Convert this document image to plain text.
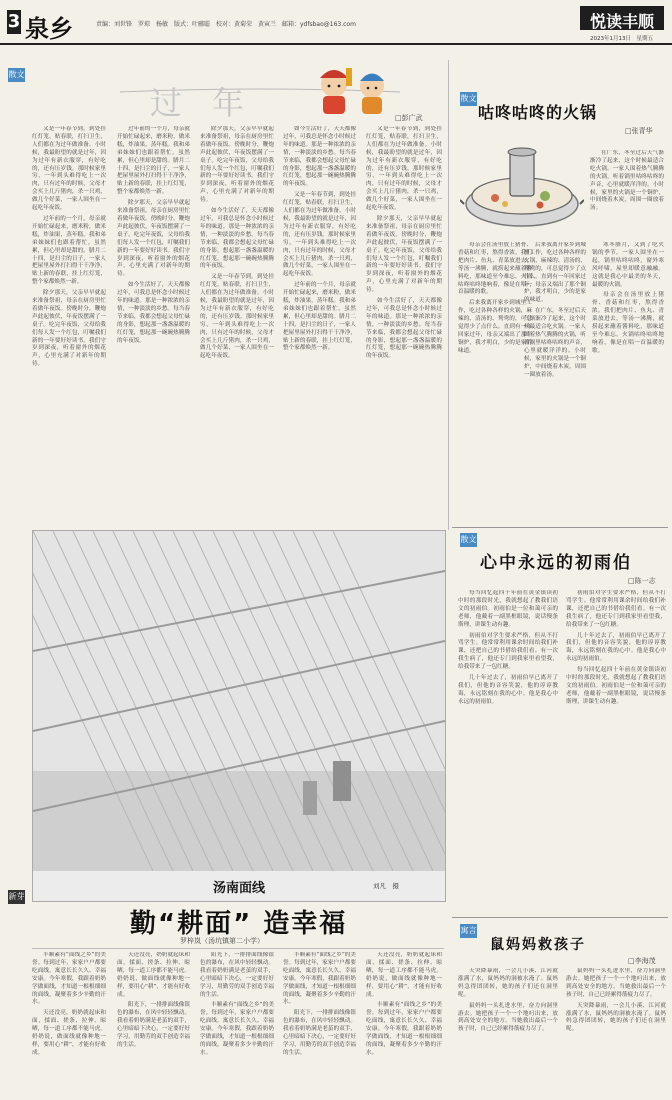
3 泉乡	责编：刘世锋　罗琼　杨敏　版式：叶郦聪　校对：黄菊荣　黄寅兰　邮箱：ydfsbao@163.com	悦读丰顺
2023年1月13日　星期五
散文
过年	□彭广武

又是一年春节到，到处挂红灯笼，贴春联，打扫卫生，人们都在为过年做准备。小时候，我最盼望的就是过年，因为过年有新衣服穿，有好吃的，还有压岁钱。那时候家里穷，一年到头难得吃上一次肉，只有过年的时候，父母才会买上几斤猪肉，杀一只鸡，做几个好菜，一家人围坐在一起吃年夜饭。

过年前的一个月，母亲就开始忙碌起来，磨米粉，做米糕，炸油果，蒸年糕。我和弟弟妹妹们也跟着帮忙，虽然累，但心里却是甜的。腊月二十四，是扫尘的日子，一家人把屋里屋外打扫得干干净净，贴上新的春联，挂上红灯笼，整个家都焕然一新。

除夕那天，父亲早早就起来准备祭祖，母亲在厨房里忙着做年夜饭。傍晚时分，鞭炮声此起彼伏，年夜饭摆满了一桌子。吃完年夜饭，父母给我们每人发一个红包，叮嘱我们新的一年要好好读书。我们守岁到深夜，听着窗外的烟花声，心里充满了对新年的期待。

过年前的一个月，母亲就开始忙碌起来，磨米粉，做米糕，炸油果，蒸年糕。我和弟弟妹妹们也跟着帮忙，虽然累，但心里却是甜的。腊月二十四，是扫尘的日子，一家人把屋里屋外打扫得干干净净，贴上新的春联，挂上红灯笼，整个家都焕然一新。

除夕那天，父亲早早就起来准备祭祖，母亲在厨房里忙着做年夜饭。傍晚时分，鞭炮声此起彼伏，年夜饭摆满了一桌子。吃完年夜饭，父母给我们每人发一个红包，叮嘱我们新的一年要好好读书。我们守岁到深夜，听着窗外的烟花声，心里充满了对新年的期待。

如今生活好了，天天都像过年，可我总是怀念小时候过年的味道。那是一种浓浓的亲情，一种淡淡的乡愁。每当春节来临，我都会想起父母忙碌的身影，想起那一盏盏温暖的红灯笼，想起那一碗碗热腾腾的年夜饭。

除夕那天，父亲早早就起来准备祭祖，母亲在厨房里忙着做年夜饭。傍晚时分，鞭炮声此起彼伏，年夜饭摆满了一桌子。吃完年夜饭，父母给我们每人发一个红包，叮嘱我们新的一年要好好读书。我们守岁到深夜，听着窗外的烟花声，心里充满了对新年的期待。

如今生活好了，天天都像过年，可我总是怀念小时候过年的味道。那是一种浓浓的亲情，一种淡淡的乡愁。每当春节来临，我都会想起父母忙碌的身影，想起那一盏盏温暖的红灯笼，想起那一碗碗热腾腾的年夜饭。

又是一年春节到，到处挂红灯笼，贴春联，打扫卫生，人们都在为过年做准备。小时候，我最盼望的就是过年，因为过年有新衣服穿，有好吃的，还有压岁钱。那时候家里穷，一年到头难得吃上一次肉，只有过年的时候，父母才会买上几斤猪肉，杀一只鸡，做几个好菜，一家人围坐在一起吃年夜饭。

如今生活好了，天天都像过年，可我总是怀念小时候过年的味道。那是一种浓浓的亲情，一种淡淡的乡愁。每当春节来临，我都会想起父母忙碌的身影，想起那一盏盏温暖的红灯笼，想起那一碗碗热腾腾的年夜饭。

又是一年春节到，到处挂红灯笼，贴春联，打扫卫生，人们都在为过年做准备。小时候，我最盼望的就是过年，因为过年有新衣服穿，有好吃的，还有压岁钱。那时候家里穷，一年到头难得吃上一次肉，只有过年的时候，父母才会买上几斤猪肉，杀一只鸡，做几个好菜，一家人围坐在一起吃年夜饭。

过年前的一个月，母亲就开始忙碌起来，磨米粉，做米糕，炸油果，蒸年糕。我和弟弟妹妹们也跟着帮忙，虽然累，但心里却是甜的。腊月二十四，是扫尘的日子，一家人把屋里屋外打扫得干干净净，贴上新的春联，挂上红灯笼，整个家都焕然一新。

又是一年春节到，到处挂红灯笼，贴春联，打扫卫生，人们都在为过年做准备。小时候，我最盼望的就是过年，因为过年有新衣服穿，有好吃的，还有压岁钱。那时候家里穷，一年到头难得吃上一次肉，只有过年的时候，父母才会买上几斤猪肉，杀一只鸡，做几个好菜，一家人围坐在一起吃年夜饭。

除夕那天，父亲早早就起来准备祭祖，母亲在厨房里忙着做年夜饭。傍晚时分，鞭炮声此起彼伏，年夜饭摆满了一桌子。吃完年夜饭，父母给我们每人发一个红包，叮嘱我们新的一年要好好读书。我们守岁到深夜，听着窗外的烟花声，心里充满了对新年的期待。

如今生活好了，天天都像过年，可我总是怀念小时候过年的味道。那是一种浓浓的亲情，一种淡淡的乡愁。每当春节来临，我都会想起父母忙碌的身影，想起那一盏盏温暖的红灯笼，想起那一碗碗热腾腾的年夜饭。

汤南面线	刘凡　摄
新芽
勤“耕面” 造幸福
罗梓岚（汤坑镇第二小学）

丰顺素有“面线之乡”的美誉。每到过年，家家户户都要吃面线，寓意长长久久、幸福安康。今年寒假，我跟着奶奶学做面线，才知道一根根细细的面线，凝聚着多少辛勤的汗水。

天还没亮，奶奶就起床和面，揉面、搓条、拉伸、晾晒，每一道工序都不能马虎。奶奶说，做面线就像种地一样，要用心“耕”，才能有好收成。

天还没亮，奶奶就起床和面，揉面、搓条、拉伸、晾晒，每一道工序都不能马虎。奶奶说，做面线就像种地一样，要用心“耕”，才能有好收成。

阳光下，一排排面线像银色的瀑布，在风中轻轻飘动。我看着奶奶满是老茧的双手，心里暗暗下决心，一定要好好学习，用勤劳的双手创造幸福的生活。

阳光下，一排排面线像银色的瀑布，在风中轻轻飘动。我看着奶奶满是老茧的双手，心里暗暗下决心，一定要好好学习，用勤劳的双手创造幸福的生活。

丰顺素有“面线之乡”的美誉。每到过年，家家户户都要吃面线，寓意长长久久、幸福安康。今年寒假，我跟着奶奶学做面线，才知道一根根细细的面线，凝聚着多少辛勤的汗水。

丰顺素有“面线之乡”的美誉。每到过年，家家户户都要吃面线，寓意长长久久、幸福安康。今年寒假，我跟着奶奶学做面线，才知道一根根细细的面线，凝聚着多少辛勤的汗水。

阳光下，一排排面线像银色的瀑布，在风中轻轻飘动。我看着奶奶满是老茧的双手，心里暗暗下决心，一定要好好学习，用勤劳的双手创造幸福的生活。

天还没亮，奶奶就起床和面，揉面、搓条、拉伸、晾晒，每一道工序都不能马虎。奶奶说，做面线就像种地一样，要用心“耕”，才能有好收成。

丰顺素有“面线之乡”的美誉。每到过年，家家户户都要吃面线，寓意长长久久、幸福安康。今年寒假，我跟着奶奶学做面线，才知道一根根细细的面线，凝聚着多少辛勤的汗水。

散文
咕咚咕咚的火锅
□张青华

在广东，冬至过后天气渐渐冷了起来，这个时候最适合吃火锅。一家人围着热气腾腾的火锅，听着锅里咕咚咕咚的声音，心里就暖洋洋的。小时候，家里的火锅是一个铜炉，中间烧着木炭，周围一圈放着汤。

母亲会在汤里放上猪骨、香菇和红枣，熬得香浓。我们把肉片、鱼丸、青菜放进去，等汤一沸腾，就捞起来蘸着酱料吃，那味道至今难忘。火锅咕咚咕咚地响着，像是在唱一首温暖的歌。

后来我离开家乡到城里工作，吃过各种各样的火锅，麻辣的、清汤的、鸳鸯的，可总觉得少了点什么。直到有一年回家过年，母亲又端出了那个铜炉，我才明白，少的是家的味道。

后来我离开家乡到城里工作，吃过各种各样的火锅，麻辣的、清汤的、鸳鸯的，可总觉得少了点什么。直到有一年回家过年，母亲又端出了那个铜炉，我才明白，少的是家的味道。

在广东，冬至过后天气渐渐冷了起来，这个时候最适合吃火锅。一家人围着热气腾腾的火锅，听着锅里咕咚咕咚的声音，心里就暖洋洋的。小时候，家里的火锅是一个铜炉，中间烧着木炭，周围一圈放着汤。

寒冬腊月，又到了吃火锅的季节。一家人围坐在一起，锅里咕咚咕咚，窗外寒风呼啸，屋里却暖意融融。这就是我心中最美的冬天，最暖的火锅。

母亲会在汤里放上猪骨、香菇和红枣，熬得香浓。我们把肉片、鱼丸、青菜放进去，等汤一沸腾，就捞起来蘸着酱料吃，那味道至今难忘。火锅咕咚咕咚地响着，像是在唱一首温暖的歌。

散文
心中永远的初雨伯
□陈一志

每当回忆起四十年前在黄金镇读初中时的那段时光，我就想起了教我们语文的初雨伯。初雨伯是一位和蔼可亲的老师，他戴着一副黑框眼镜，说话慢条斯理，讲课生动有趣。

初雨伯对学生要求严格，但从不打骂学生。他常常利用课余时间给我们补课，还把自己的书借给我们看。有一次我生病了，他还专门到我家里看望我，给我带来了一包红糖。

几十年过去了，初雨伯早已离开了我们，但他的音容笑貌，他的谆谆教诲，永远铭刻在我的心中。他是我心中永远的初雨伯。

初雨伯对学生要求严格，但从不打骂学生。他常常利用课余时间给我们补课，还把自己的书借给我们看。有一次我生病了，他还专门到我家里看望我，给我带来了一包红糖。

几十年过去了，初雨伯早已离开了我们，但他的音容笑貌，他的谆谆教诲，永远铭刻在我的心中。他是我心中永远的初雨伯。

每当回忆起四十年前在黄金镇读初中时的那段时光，我就想起了教我们语文的初雨伯。初雨伯是一位和蔼可亲的老师，他戴着一副黑框眼镜，说话慢条斯理，讲课生动有趣。

寓言
鼠妈妈救孩子
□李海茂

天突降暴雨，一会儿小溪、江河就涨满了水，鼠妈妈的洞被水淹了。鼠妈妈急得团团转，她的孩子们还在洞里呢。

鼠妈妈一头扎进水里，奋力向洞里游去。她把孩子一个一个地叼出来，放到高处安全的地方。当她救出最后一个孩子时，自己已经累得筋疲力尽了。

鼠妈妈一头扎进水里，奋力向洞里游去。她把孩子一个一个地叼出来，放到高处安全的地方。当她救出最后一个孩子时，自己已经累得筋疲力尽了。

天突降暴雨，一会儿小溪、江河就涨满了水，鼠妈妈的洞被水淹了。鼠妈妈急得团团转，她的孩子们还在洞里呢。
